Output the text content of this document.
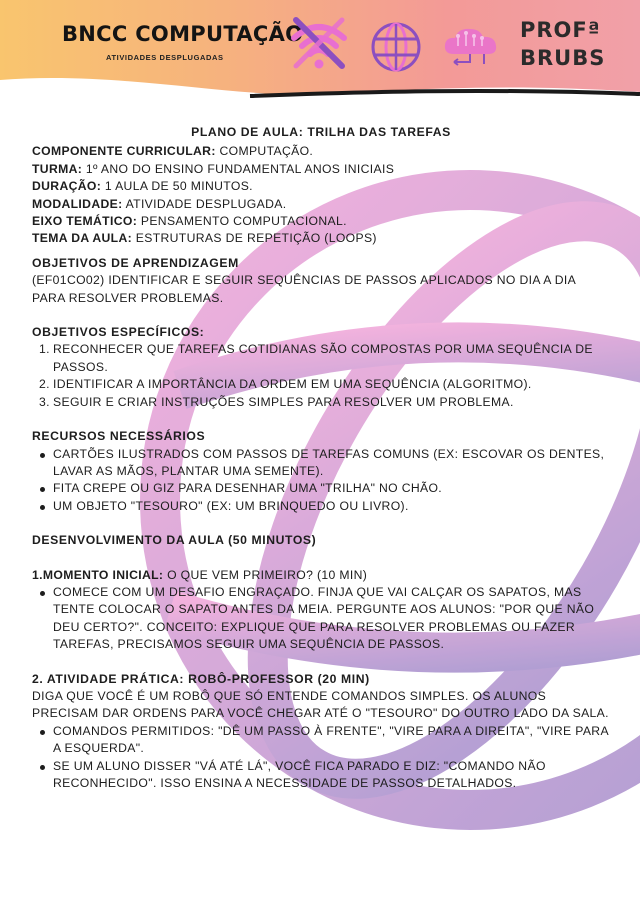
BNCC COMPUTAÇÃO
ATIVIDADES DESPLUGADAS
PROFª
BRUBS

PLANO DE AULA: TRILHA DAS TAREFAS

COMPONENTE CURRICULAR: COMPUTAÇÃO.

TURMA: 1º ANO DO ENSINO FUNDAMENTAL ANOS INICIAIS

DURAÇÃO: 1 AULA DE 50 MINUTOS.

MODALIDADE: ATIVIDADE DESPLUGADA.

EIXO TEMÁTICO: PENSAMENTO COMPUTACIONAL.

TEMA DA AULA: ESTRUTURAS DE REPETIÇÃO (LOOPS)

OBJETIVOS DE APRENDIZAGEM

(EF01CO02) IDENTIFICAR E SEGUIR SEQUÊNCIAS DE PASSOS APLICADOS NO DIA A DIA PARA RESOLVER PROBLEMAS.

OBJETIVOS ESPECÍFICOS:

1. RECONHECER QUE TAREFAS COTIDIANAS SÃO COMPOSTAS POR UMA SEQUÊNCIA DE PASSOS.
2. IDENTIFICAR A IMPORTÂNCIA DA ORDEM EM UMA SEQUÊNCIA (ALGORITMO).
3. SEGUIR E CRIAR INSTRUÇÕES SIMPLES PARA RESOLVER UM PROBLEMA.

RECURSOS NECESSÁRIOS

CARTÕES ILUSTRADOS COM PASSOS DE TAREFAS COMUNS (EX: ESCOVAR OS DENTES, LAVAR AS MÃOS, PLANTAR UMA SEMENTE).
FITA CREPE OU GIZ PARA DESENHAR UMA "TRILHA" NO CHÃO.
UM OBJETO "TESOURO" (EX: UM BRINQUEDO OU LIVRO).

DESENVOLVIMENTO DA AULA (50 MINUTOS)

1.MOMENTO INICIAL: O QUE VEM PRIMEIRO? (10 MIN)

COMECE COM UM DESAFIO ENGRAÇADO. FINJA QUE VAI CALÇAR OS SAPATOS, MAS TENTE COLOCAR O SAPATO ANTES DA MEIA. PERGUNTE AOS ALUNOS: "POR QUE NÃO DEU CERTO?". CONCEITO: EXPLIQUE QUE PARA RESOLVER PROBLEMAS OU FAZER TAREFAS, PRECISAMOS SEGUIR UMA SEQUÊNCIA DE PASSOS.

2. ATIVIDADE PRÁTICA: ROBÔ-PROFESSOR (20 MIN)

DIGA QUE VOCÊ É UM ROBÔ QUE SÓ ENTENDE COMANDOS SIMPLES. OS ALUNOS PRECISAM DAR ORDENS PARA VOCÊ CHEGAR ATÉ O "TESOURO" DO OUTRO LADO DA SALA.

COMANDOS PERMITIDOS: "DÊ UM PASSO À FRENTE", "VIRE PARA A DIREITA", "VIRE PARA A ESQUERDA".
SE UM ALUNO DISSER "VÁ ATÉ LÁ", VOCÊ FICA PARADO E DIZ: "COMANDO NÃO RECONHECIDO". ISSO ENSINA A NECESSIDADE DE PASSOS DETALHADOS.
